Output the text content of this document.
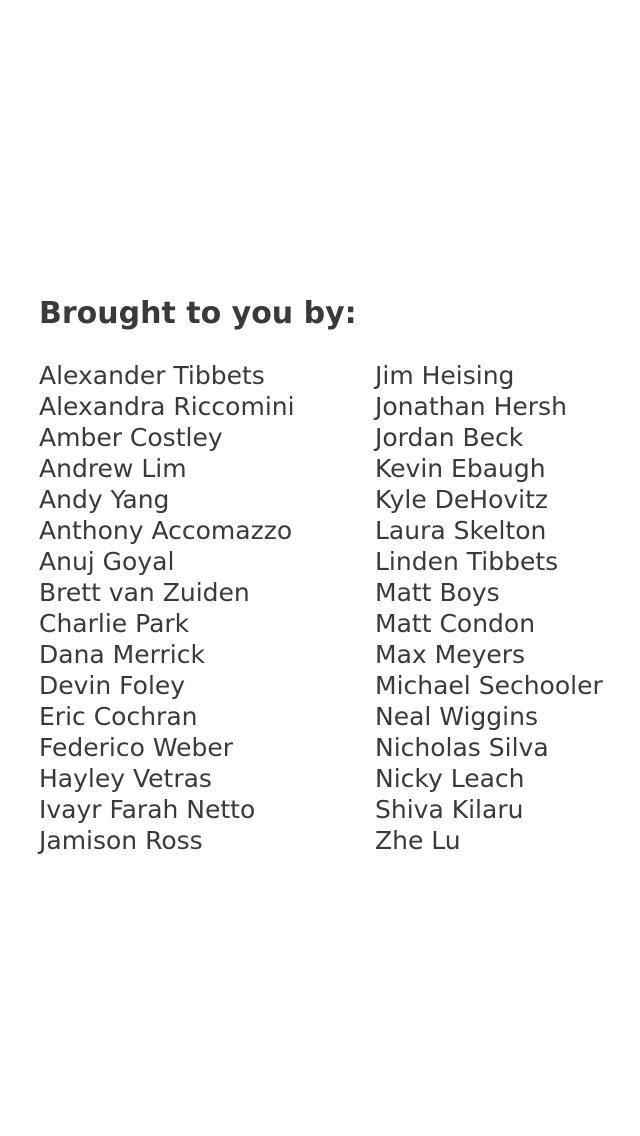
Brought to you by:
Alexander Tibbets
Alexandra Riccomini
Amber Costley
Andrew Lim
Andy Yang
Anthony Accomazzo
Anuj Goyal
Brett van Zuiden
Charlie Park
Dana Merrick
Devin Foley
Eric Cochran
Federico Weber
Hayley Vetras
Ivayr Farah Netto
Jamison Ross
Jim Heising
Jonathan Hersh
Jordan Beck
Kevin Ebaugh
Kyle DeHovitz
Laura Skelton
Linden Tibbets
Matt Boys
Matt Condon
Max Meyers
Michael Sechooler
Neal Wiggins
Nicholas Silva
Nicky Leach
Shiva Kilaru
Zhe Lu
